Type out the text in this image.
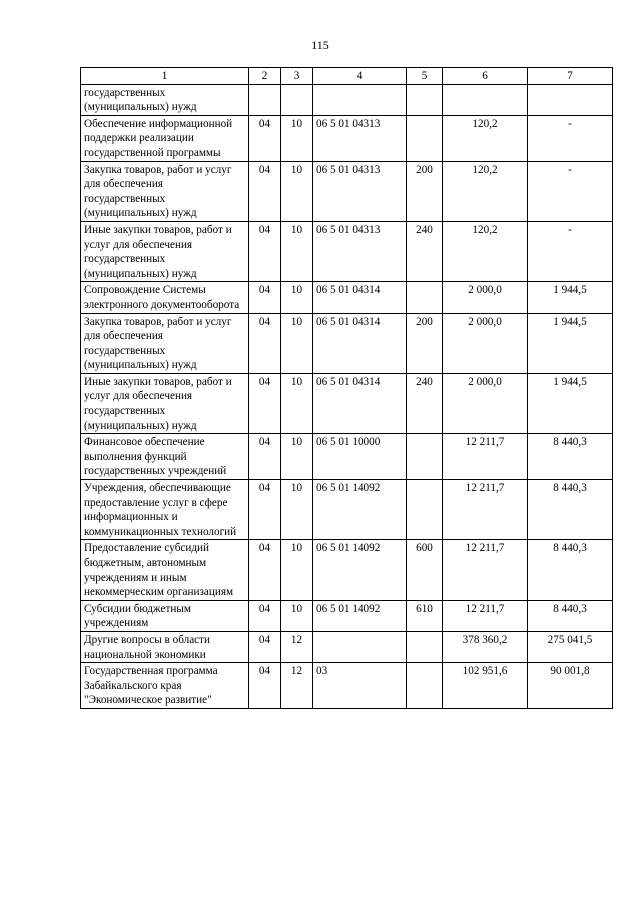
115
1	2	3	4	5	6	7
государственных (муниципальных) нужд						
Обеспечение информационной поддержки реализации государственной программы	04	10	06 5 01 04313		120,2	-
Закупка товаров, работ и услуг для обеспечения государственных (муниципальных) нужд	04	10	06 5 01 04313	200	120,2	-
Иные закупки товаров, работ и услуг для обеспечения государственных (муниципальных) нужд	04	10	06 5 01 04313	240	120,2	-
Сопровождение Системы электронного документооборота	04	10	06 5 01 04314		2 000,0	1 944,5
Закупка товаров, работ и услуг для обеспечения государственных (муниципальных) нужд	04	10	06 5 01 04314	200	2 000,0	1 944,5
Иные закупки товаров, работ и услуг для обеспечения государственных (муниципальных) нужд	04	10	06 5 01 04314	240	2 000,0	1 944,5
Финансовое обеспечение выполнения функций государственных учреждений	04	10	06 5 01 10000		12 211,7	8 440,3
Учреждения, обеспечивающие предоставление услуг в сфере информационных и коммуникационных технологий	04	10	06 5 01 14092		12 211,7	8 440,3
Предоставление субсидий бюджетным, автономным учреждениям и иным некоммерческим организациям	04	10	06 5 01 14092	600	12 211,7	8 440,3
Субсидии бюджетным учреждениям	04	10	06 5 01 14092	610	12 211,7	8 440,3
Другие вопросы в области национальной экономики	04	12			378 360,2	275 041,5
Государственная программа Забайкальского края "Экономическое развитие"	04	12	03		102 951,6	90 001,8
